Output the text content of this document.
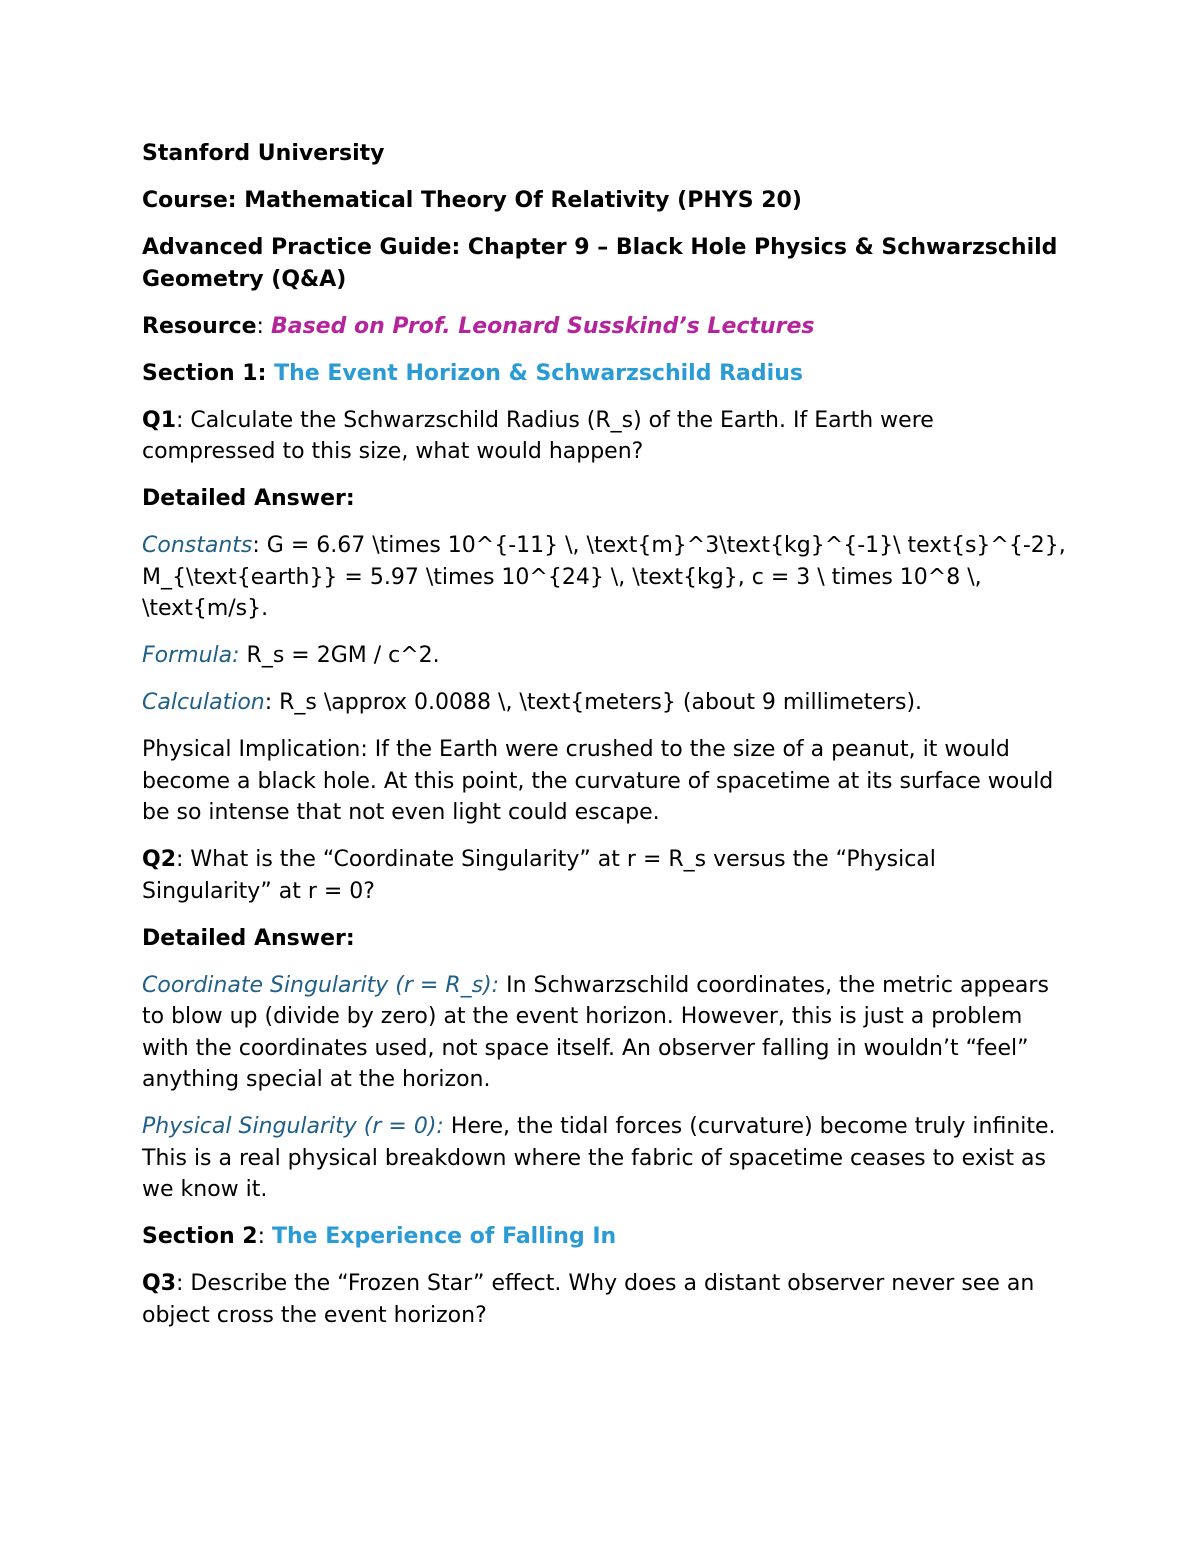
Stanford University

Course: Mathematical Theory Of Relativity (PHYS 20)

Advanced Practice Guide: Chapter 9 – Black Hole Physics & Schwarzschild Geometry (Q&A)

Resource: Based on Prof. Leonard Susskind’s Lectures

Section 1: The Event Horizon & Schwarzschild Radius

Q1: Calculate the Schwarzschild Radius (R_s) of the Earth. If Earth were compressed to this size, what would happen?

Detailed Answer:

Constants: G = 6.67 \times 10^{-11} \, \text{m}^3\text{kg}^{-1}\ text{s}^{-2}, M_{\text{earth}} = 5.97 \times 10^{24} \, \text{kg}, c = 3 \ times 10^8 \, \text{m/s}.

Formula: R_s = 2GM / c^2.

Calculation: R_s \approx 0.0088 \, \text{meters} (about 9 millimeters).

Physical Implication: If the Earth were crushed to the size of a peanut, it would become a black hole. At this point, the curvature of spacetime at its surface would be so intense that not even light could escape.

Q2: What is the “Coordinate Singularity” at r = R_s versus the “Physical Singularity” at r = 0?

Detailed Answer:

Coordinate Singularity (r = R_s): In Schwarzschild coordinates, the metric appears to blow up (divide by zero) at the event horizon. However, this is just a problem with the coordinates used, not space itself. An observer falling in wouldn’t “feel” anything special at the horizon.

Physical Singularity (r = 0): Here, the tidal forces (curvature) become truly infinite. This is a real physical breakdown where the fabric of spacetime ceases to exist as we know it.

Section 2: The Experience of Falling In

Q3: Describe the “Frozen Star” effect. Why does a distant observer never see an object cross the event horizon?
